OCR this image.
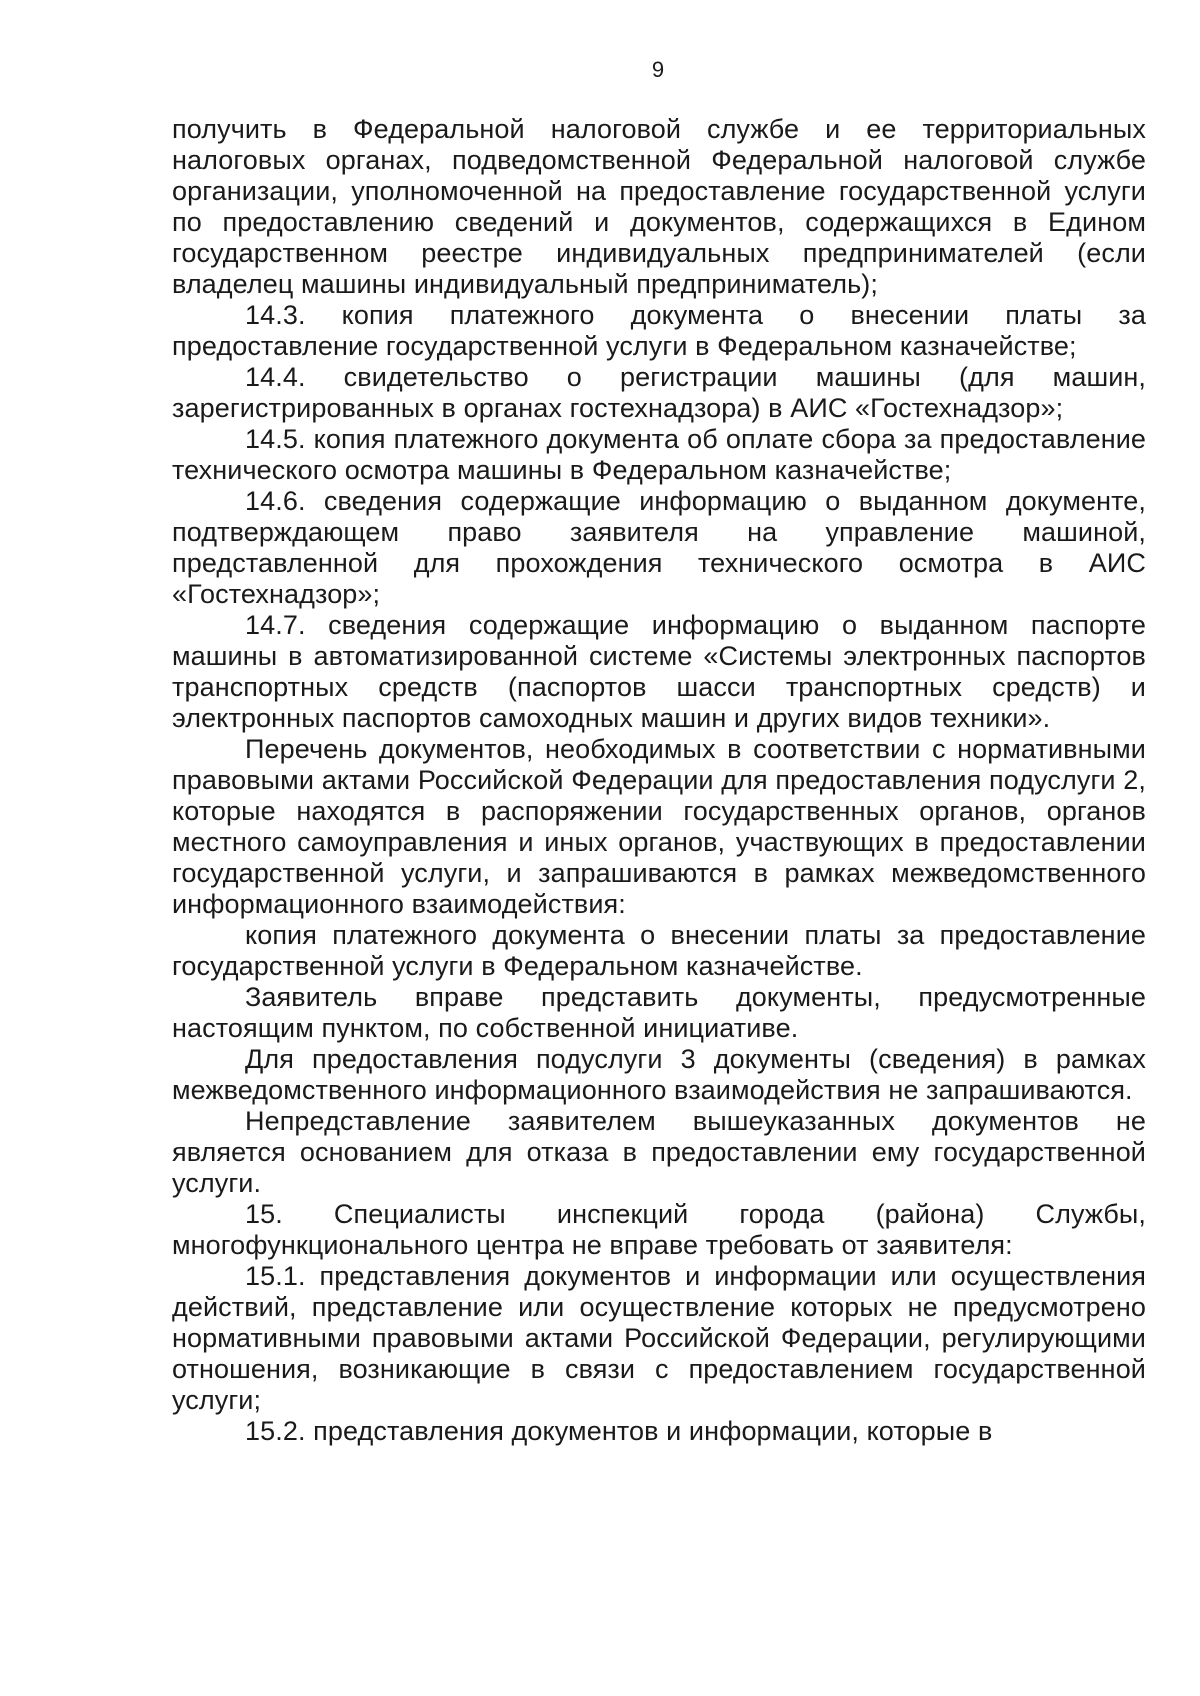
9

получить в Федеральной налоговой службе и ее территориальных налоговых органах, подведомственной Федеральной налоговой службе организации, уполномоченной на предоставление государственной услуги по предоставлению сведений и документов, содержащихся в Едином государственном реестре индивидуальных предпринимателей (если владелец машины индивидуальный предприниматель);

14.3. копия платежного документа о внесении платы за предоставление государственной услуги в Федеральном казначействе;

14.4. свидетельство о регистрации машины (для машин, зарегистрированных в органах гостехнадзора) в АИС «Гостехнадзор»;

14.5. копия платежного документа об оплате сбора за предоставление технического осмотра машины в Федеральном казначействе;

14.6. сведения содержащие информацию о выданном документе, подтверждающем право заявителя на управление машиной, представленной для прохождения технического осмотра в АИС «Гостехнадзор»;

14.7. сведения содержащие информацию о выданном паспорте машины в автоматизированной системе «Системы электронных паспортов транспортных средств (паспортов шасси транспортных средств) и электронных паспортов самоходных машин и других видов техники».

Перечень документов, необходимых в соответствии с нормативными правовыми актами Российской Федерации для предоставления подуслуги 2, которые находятся в распоряжении государственных органов, органов местного самоуправления и иных органов, участвующих в предоставлении государственной услуги, и запрашиваются в рамках межведомственного информационного взаимодействия:

копия платежного документа о внесении платы за предоставление государственной услуги в Федеральном казначействе.

Заявитель вправе представить документы, предусмотренные настоящим пунктом, по собственной инициативе.

Для предоставления подуслуги 3 документы (сведения) в рамках межведомственного информационного взаимодействия не запрашиваются.

Непредставление заявителем вышеуказанных документов не является основанием для отказа в предоставлении ему государственной услуги.

15. Специалисты инспекций города (района) Службы, многофункционального центра не вправе требовать от заявителя:

15.1. представления документов и информации или осуществления действий, представление или осуществление которых не предусмотрено нормативными правовыми актами Российской Федерации, регулирующими отношения, возникающие в связи с предоставлением государственной услуги;

15.2. представления документов и информации, которые в
